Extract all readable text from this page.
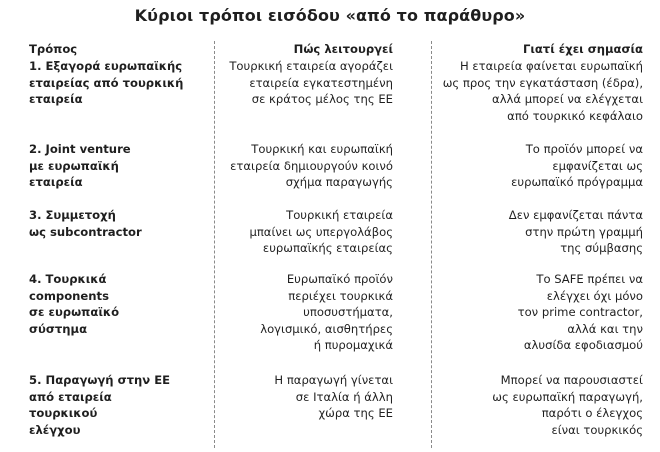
Κύριοι τρόποι εισόδου «από το παράθυρο»
Τρόπος
1. Εξαγορά ευρωπαϊκής
εταιρείας από τουρκική
εταιρεία
2. Joint venture
με ευρωπαϊκή
εταιρεία
3. Συμμετοχή
ως subcontractor
4. Τουρκικά
components
σε ευρωπαϊκό
σύστημα
5. Παραγωγή στην ΕΕ
από εταιρεία
τουρκικού
ελέγχου
Πώς λειτουργεί
Τουρκική εταιρεία αγοράζει
εταιρεία εγκατεστημένη
σε κράτος μέλος της ΕΕ
Τουρκική και ευρωπαϊκή
εταιρεία δημιουργούν κοινό
σχήμα παραγωγής
Τουρκική εταιρεία
μπαίνει ως υπεργολάβος
ευρωπαϊκής εταιρείας
Ευρωπαϊκό προϊόν
περιέχει τουρκικά
υποσυστήματα,
λογισμικό, αισθητήρες
ή πυρομαχικά
Η παραγωγή γίνεται
σε Ιταλία ή άλλη
χώρα της ΕΕ
Γιατί έχει σημασία
Η εταιρεία φαίνεται ευρωπαϊκή
ως προς την εγκατάσταση (έδρα),
αλλά μπορεί να ελέγχεται
από τουρκικό κεφάλαιο
Το προϊόν μπορεί να
εμφανίζεται ως
ευρωπαϊκό πρόγραμμα
Δεν εμφανίζεται πάντα
στην πρώτη γραμμή
της σύμβασης
Το SAFE πρέπει να
ελέγχει όχι μόνο
τον prime contractor,
αλλά και την
αλυσίδα εφοδιασμού
Μπορεί να παρουσιαστεί
ως ευρωπαϊκή παραγωγή,
παρότι ο έλεγχος
είναι τουρκικός
